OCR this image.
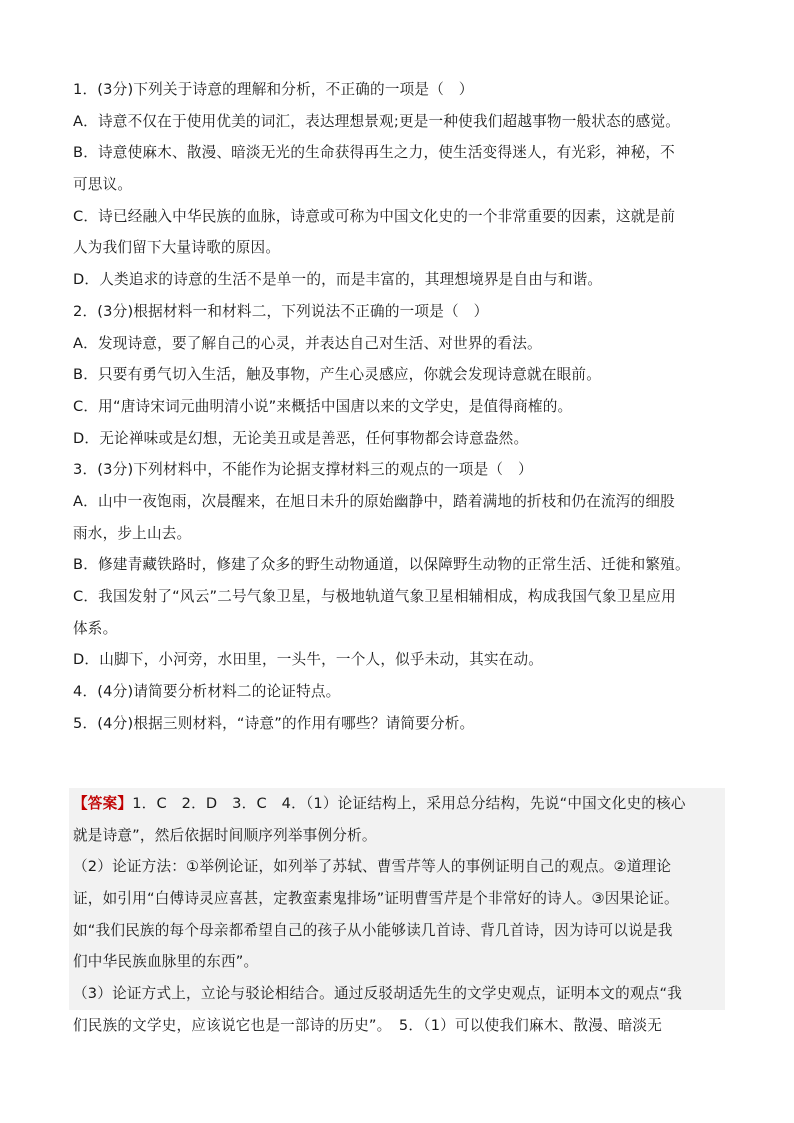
1．(3分)下列关于诗意的理解和分析，不正确的一项是（　）
A．诗意不仅在于使用优美的词汇，表达理想景观;更是一种使我们超越事物一般状态的感觉。
B．诗意使麻木、散漫、暗淡无光的生命获得再生之力，使生活变得迷人，有光彩，神秘，不
可思议。
C．诗已经融入中华民族的血脉，诗意或可称为中国文化史的一个非常重要的因素，这就是前
人为我们留下大量诗歌的原因。
D．人类追求的诗意的生活不是单一的，而是丰富的，其理想境界是自由与和谐。
2．(3分)根据材料一和材料二，下列说法不正确的一项是（　）
A．发现诗意，要了解自己的心灵，并表达自己对生活、对世界的看法。
B．只要有勇气切入生活，触及事物，产生心灵感应，你就会发现诗意就在眼前。
C．用“唐诗宋词元曲明清小说”来概括中国唐以来的文学史，是值得商榷的。
D．无论禅味或是幻想，无论美丑或是善恶，任何事物都会诗意盎然。
3．(3分)下列材料中，不能作为论据支撑材料三的观点的一项是（　）
A．山中一夜饱雨，次晨醒来，在旭日未升的原始幽静中，踏着满地的折枝和仍在流泻的细股
雨水，步上山去。
B．修建青藏铁路时，修建了众多的野生动物通道，以保障野生动物的正常生活、迁徙和繁殖。
C．我国发射了“风云”二号气象卫星，与极地轨道气象卫星相辅相成，构成我国气象卫星应用
体系。
D．山脚下，小河旁，水田里，一头牛，一个人，似乎未动，其实在动。
4．(4分)请简要分析材料二的论证特点。
5．(4分)根据三则材料，“诗意”的作用有哪些？请简要分析。
【答案】1．C　2．D　3．C　4．（1）论证结构上，采用总分结构，先说“中国文化史的核心
就是诗意”，然后依据时间顺序列举事例分析。
（2）论证方法：①举例论证，如列举了苏轼、曹雪芹等人的事例证明自己的观点。②道理论
证，如引用“白傅诗灵应喜甚，定教蛮素鬼排场”证明曹雪芹是个非常好的诗人。③因果论证。
如“我们民族的每个母亲都希望自己的孩子从小能够读几首诗、背几首诗，因为诗可以说是我
们中华民族血脉里的东西”。
（3）论证方式上，立论与驳论相结合。通过反驳胡适先生的文学史观点，证明本文的观点“我
们民族的文学史，应该说它也是一部诗的历史”。　5．（1）可以使我们麻木、散漫、暗淡无
